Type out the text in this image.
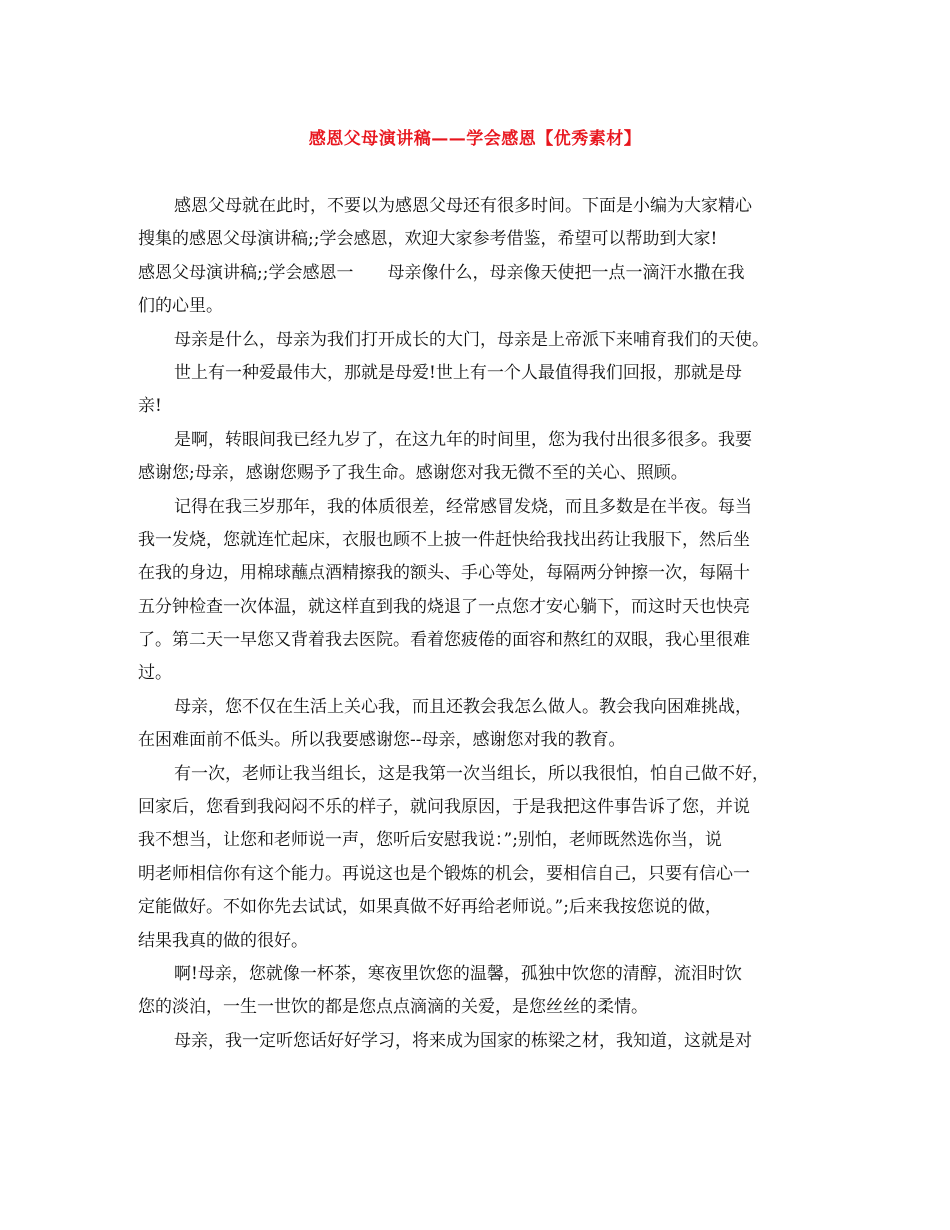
感恩父母演讲稿——学会感恩【优秀素材】
感恩父母就在此时，不要以为感恩父母还有很多时间。下面是小编为大家精心
搜集的感恩父母演讲稿;;学会感恩，欢迎大家参考借鉴，希望可以帮助到大家!
感恩父母演讲稿;;学会感恩一　　母亲像什么，母亲像天使把一点一滴汗水撒在我
们的心里。
母亲是什么，母亲为我们打开成长的大门，母亲是上帝派下来哺育我们的天使。
世上有一种爱最伟大，那就是母爱!世上有一个人最值得我们回报，那就是母
亲!
是啊，转眼间我已经九岁了，在这九年的时间里，您为我付出很多很多。我要
感谢您;母亲，感谢您赐予了我生命。感谢您对我无微不至的关心、照顾。
记得在我三岁那年，我的体质很差，经常感冒发烧，而且多数是在半夜。每当
我一发烧，您就连忙起床，衣服也顾不上披一件赶快给我找出药让我服下，然后坐
在我的身边，用棉球蘸点酒精擦我的额头、手心等处，每隔两分钟擦一次，每隔十
五分钟检查一次体温，就这样直到我的烧退了一点您才安心躺下，而这时天也快亮
了。第二天一早您又背着我去医院。看着您疲倦的面容和熬红的双眼，我心里很难
过。
母亲，您不仅在生活上关心我，而且还教会我怎么做人。教会我向困难挑战，
在困难面前不低头。所以我要感谢您--母亲，感谢您对我的教育。
有一次，老师让我当组长，这是我第一次当组长，所以我很怕，怕自己做不好，
回家后，您看到我闷闷不乐的样子，就问我原因，于是我把这件事告诉了您，并说
我不想当，让您和老师说一声，您听后安慰我说：”;别怕，老师既然选你当，说
明老师相信你有这个能力。再说这也是个锻炼的机会，要相信自己，只要有信心一
定能做好。不如你先去试试，如果真做不好再给老师说。”;后来我按您说的做，
结果我真的做的很好。
啊!母亲，您就像一杯茶，寒夜里饮您的温馨，孤独中饮您的清醇，流泪时饮
您的淡泊，一生一世饮的都是您点点滴滴的关爱，是您丝丝的柔情。
母亲，我一定听您话好好学习，将来成为国家的栋梁之材，我知道，这就是对
